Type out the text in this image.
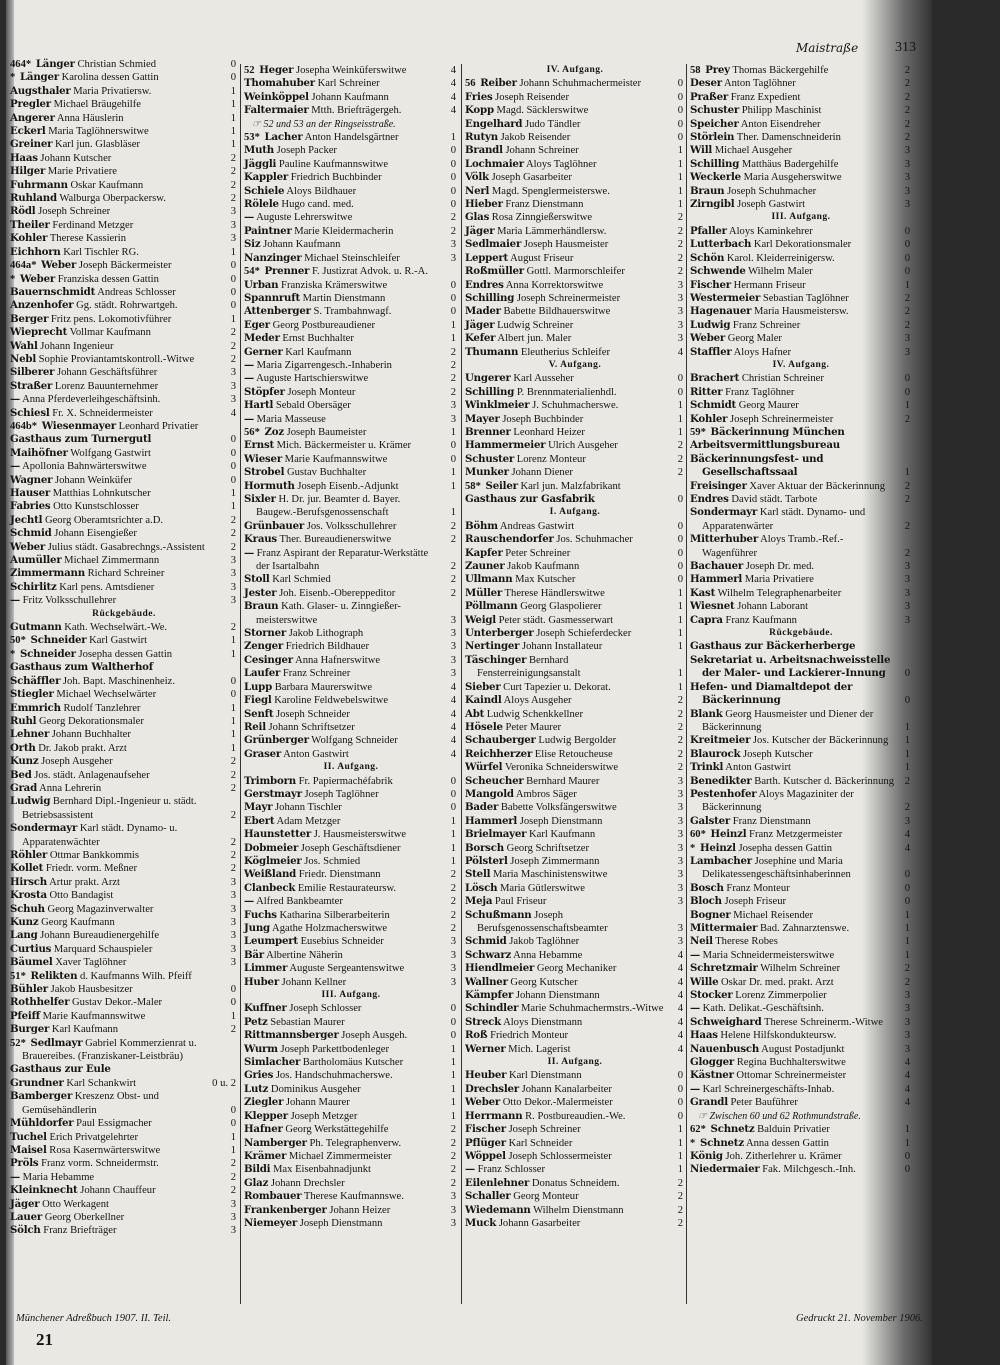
Maistraße	313
464* Länger Christian Schmied	0
* Länger Karolina dessen Gattin	0
Augsthaler Maria Privatiersw.	1
Pregler Michael Bräugehilfe	1
Angerer Anna Häuslerin	1
Eckerl Maria Taglöhnerswitwe	1
Greiner Karl jun. Glasbläser	1
Haas Johann Kutscher	2
Hilger Marie Privatiere	2
Fuhrmann Oskar Kaufmann	2
Ruhland Walburga Oberpackersw.	2
Rödl Joseph Schreiner	3
Theiler Ferdinand Metzger	3
Kohler Therese Kassierin	3
Eichhorn Karl Tischler RG.	1
464a* Weber Joseph Bäckermeister	0
* Weber Franziska dessen Gattin	0
Bauernschmidt Andreas Schlosser	0
Anzenhofer Gg. städt. Rohrwartgeh.	0
Berger Fritz pens. Lokomotivführer	1
Wieprecht Vollmar Kaufmann	2
Wahl Johann Ingenieur	2
Nebl Sophie Proviantamtskontroll.-Witwe	2
Silberer Johann Geschäftsführer	3
Straßer Lorenz Bauunternehmer	3
— Anna Pferdeverleihgeschäftsinh.	3
Schiesl Fr. X. Schneidermeister	4
464b* Wiesenmayer Leonhard Privatier
Gasthaus zum Turnergutl	0
Maihöfner Wolfgang Gastwirt	0
— Apollonia Bahnwärterswitwe	0
Wagner Johann Weinküfer	0
Hauser Matthias Lohnkutscher	1
Fabries Otto Kunstschlosser	1
Jechtl Georg Oberamtsrichter a.D.	2
Schmid Johann Eisengießer	2
Weber Julius städt. Gasabrechngs.-Assistent 2
Aumüller Michael Zimmermann	3
Zimmermann Richard Schreiner	3
Schirlitz Karl pens. Amtsdiener	3
— Fritz Volksschullehrer	3
Rückgebäude.
Gutmann Kath. Wechselwärt.-We.	2
50* Schneider Karl Gastwirt	1
* Schneider Josepha dessen Gattin	1
Gasthaus zum Waltherhof
Schäffler Joh. Bapt. Maschinenheiz.	0
Stiegler Michael Wechselwärter	0
Emmrich Rudolf Tanzlehrer	1
Ruhl Georg Dekorationsmaler	1
Lehner Johann Buchhalter	1
Orth Dr. Jakob prakt. Arzt	1
Kunz Joseph Ausgeher	2
Bed Jos. städt. Anlagenaufseher	2
Grad Anna Lehrerin	2
Ludwig Bernhard Dipl.-Ingenieur u. städt. Betriebsassistent	2
Sondermayr Karl städt. Dynamo- u. Apparatenwächter	2
Röhler Ottmar Bankkommis	2
Kollet Friedr. vorm. Meßner	2
Hirsch Artur prakt. Arzt	3
Krosta Otto Bandagist	3
Schuh Georg Magazinverwalter	3
Kunz Georg Kaufmann	3
Lang Johann Bureaudienergehilfe	3
Curtius Marquard Schauspieler	3
Bäumel Xaver Taglöhner	3
51* Relikten d. Kaufmanns Wilh. Pfeiff
Bühler Jakob Hausbesitzer	0
Rothhelfer Gustav Dekor.-Maler	0
Pfeiff Marie Kaufmannswitwe	1
Burger Karl Kaufmann	2
52* Sedlmayr Gabriel Kommerzienrat u. Brauereibes. (Franziskaner-Leistbräu)
Gasthaus zur Eule
Grundner Karl Schankwirt	0 u. 2
Bamberger Kreszenz Obst- und Gemüsehändlerin	0
Mühldorfer Paul Essigmacher	0
Tuchel Erich Privatgelehrter	1
Maisel Rosa Kasernwärterswitwe	1
Pröls Franz vorm. Schneidermstr.	2
— Maria Hebamme	2
Kleinknecht Johann Chauffeur	2
Jäger Otto Werkagent	3
Lauer Georg Oberkellner	3
Sölch Franz Briefträger	3
52 Heger Josepha Weinküferswitwe	4
Thomahuber Karl Schreiner	4
Weinköppel Johann Kaufmann	4
Faltermaier Mtth. Briefträgergeh.	4
☞ 52 und 53 an der Ringseisstraße.
53* Lacher Anton Handelsgärtner	1
Muth Joseph Packer	0
Jäggli Pauline Kaufmannswitwe	0
Kappler Friedrich Buchbinder	0
Schiele Aloys Bildhauer	0
Rölele Hugo cand. med.	0
— Auguste Lehrerswitwe	2
Paintner Marie Kleidermacherin	2
Siz Johann Kaufmann	3
Nanzinger Michael Steinschleifer	3
54* Prenner F. Justizrat Advok. u. R.-A.
Urban Franziska Krämerswitwe	0
Spannruft Martin Dienstmann	0
Attenberger S. Trambahnwagf.	0
Eger Georg Postbureaudiener	1
Meder Ernst Buchhalter	1
Gerner Karl Kaufmann	2
— Maria Zigarrengesch.-Inhaberin	2
— Auguste Hartschierswitwe	2
Stöpfer Joseph Monteur	2
Hartl Sebald Obersäger	3
— Maria Masseuse	3
56* Zoz Joseph Baumeister	1
Ernst Mich. Bäckermeister u. Krämer	0
Wieser Marie Kaufmannswitwe	0
Strobel Gustav Buchhalter	1
Hormuth Joseph Eisenb.-Adjunkt	1
Sixler H. Dr. jur. Beamter d. Bayer. Baugew.-Berufsgenossenschaft	1
Grünbauer Jos. Volksschullehrer	2
Kraus Ther. Bureaudienerswitwe	2
— Franz Aspirant der Reparatur-Werkstätte der Isartalbahn	2
Stoll Karl Schmied	2
Jester Joh. Eisenb.-Obereppeditor	2
Braun Kath. Glaser- u. Zinngießer-meisterswitwe	3
Storner Jakob Lithograph	3
Zenger Friedrich Bildhauer	3
Cesinger Anna Hafnerswitwe	3
Laufer Franz Schreiner	3
Lupp Barbara Maurerswitwe	4
Fiegl Karoline Feldwebelswitwe	4
Senft Joseph Schneider	4
Reil Johann Schriftsetzer	4
Grünberger Wolfgang Schneider	4
Graser Anton Gastwirt	4
II. Aufgang.
Trimborn Fr. Papiermachéfabrik	0
Gerstmayr Joseph Taglöhner	0
Mayr Johann Tischler	0
Ebert Adam Metzger	1
Haunstetter J. Hausmeisterswitwe	1
Dobmeier Joseph Geschäftsdiener	1
Köglmeier Jos. Schmied	1
Weißland Friedr. Dienstmann	2
Clanbeck Emilie Restaurateursw.	2
— Alfred Bankbeamter	2
Fuchs Katharina Silberarbeiterin	2
Jung Agathe Holzmacherswitwe	2
Leumpert Eusebius Schneider	3
Bär Albertine Näherin	3
Limmer Auguste Sergeantenswitwe	3
Huber Johann Kellner	3
III. Aufgang.
Kuffner Joseph Schlosser	0
Petz Sebastian Maurer	0
Rittmannsberger Joseph Ausgeh.	0
Wurm Joseph Parkettbodenleger	1
Simlacher Bartholomäus Kutscher	1
Gries Jos. Handschuhmacherswe.	1
Lutz Dominikus Ausgeher	1
Ziegler Johann Maurer	1
Klepper Joseph Metzger	1
Hafner Georg Werkstättegehilfe	2
Namberger Ph. Telegraphenverw.	2
Krämer Michael Zimmermeister	2
Bildi Max Eisenbahnadjunkt	2
Glaz Johann Drechsler	2
Rombauer Therese Kaufmannswe.	3
Frankenberger Johann Heizer	3
Niemeyer Joseph Dienstmann	3
IV. Aufgang.
56 Reiber Johann Schuhmachermeister	0
Fries Joseph Reisender	0
Kopp Magd. Säcklerswitwe	0
Engelhard Judo Tändler	0
Rutyn Jakob Reisender	0
Brandl Johann Schreiner	1
Lochmaier Aloys Taglöhner	1
Völk Joseph Gasarbeiter	1
Nerl Magd. Spenglermeisterswe.	1
Hieber Franz Dienstmann	1
Glas Rosa Zinngießerswitwe	2
Jäger Maria Lämmerhändlersw.	2
Sedlmaier Joseph Hausmeister	2
Leppert August Friseur	2
Roßmüller Gottl. Marmorschleifer	2
Endres Anna Korrektorswitwe	3
Schilling Joseph Schreinermeister	3
Mader Babette Bildhauerswitwe	3
Jäger Ludwig Schreiner	3
Kefer Albert jun. Maler	3
Thumann Eleutherius Schleifer	4
V. Aufgang.
Ungerer Karl Ausseher	0
Schilling P. Brennmaterialienhdl.	0
Winklmeier J. Schuhmacherswe.	1
Mayer Joseph Buchbinder	1
Brenner Leonhard Heizer	1
Hammermeier Ulrich Ausgeher	2
Schuster Lorenz Monteur	2
Munker Johann Diener	2
58* Seiler Karl jun. Malzfabrikant
Gasthaus zur Gasfabrik	0
I. Aufgang.
Böhm Andreas Gastwirt	0
Rauschendorfer Jos. Schuhmacher	0
Kapfer Peter Schreiner	0
Zauner Jakob Kaufmann	0
Ullmann Max Kutscher	0
Müller Therese Händlerswitwe	1
Pöllmann Georg Glaspolierer	1
Weigl Peter städt. Gasmesserwart	1
Unterberger Joseph Schieferdecker	1
Nertinger Johann Installateur	1
Täschinger Bernhard Fensterreinigungsanstalt	1
Sieber Curt Tapezier u. Dekorat.	1
Kaindl Aloys Ausgeher	2
Abt Ludwig Schenkkellner	2
Hösele Peter Maurer	2
Schauberger Ludwig Bergolder	2
Reichherzer Elise Retoucheuse	2
Würfel Veronika Schneiderswitwe	2
Scheucher Bernhard Maurer	3
Mangold Ambros Säger	3
Bader Babette Volksfängerswitwe	3
Hammerl Joseph Dienstmann	3
Brielmayer Karl Kaufmann	3
Borsch Georg Schriftsetzer	3
Pölsterl Joseph Zimmermann	3
Stell Maria Maschinistenswitwe	3
Lösch Maria Gütlerswitwe	3
Meja Paul Friseur	3
Schußmann Joseph Berufsgenossenschaftsbeamter	3
Schmid Jakob Taglöhner	3
Schwarz Anna Hebamme	4
Hiendlmeier Georg Mechaniker	4
Wallner Georg Kutscher	4
Kämpfer Johann Dienstmann	4
Schindler Marie Schuhmachermstrs.-Witwe 4
Streck Aloys Dienstmann	4
Roß Friedrich Monteur	4
Werner Mich. Lagerist	4
II. Aufgang.
Heuber Karl Dienstmann	0
Drechsler Johann Kanalarbeiter	0
Weber Otto Dekor.-Malermeister	0
Herrmann R. Postbureaudien.-We.	0
Fischer Joseph Schreiner	1
Pflüger Karl Schneider	1
Wöppel Joseph Schlossermeister	1
— Franz Schlosser	1
Eilenlehner Donatus Schneidem.	2
Schaller Georg Monteur	2
Wiedemann Wilhelm Dienstmann	2
Muck Johann Gasarbeiter	2
58 Prey Thomas Bäckergehilfe	2
Deser Anton Taglöhner	2
Praßer Franz Expedient	2
Schuster Philipp Maschinist	2
Speicher Anton Eisendreher	2
Störlein Ther. Damenschneiderin	2
Will Michael Ausgeher	3
Schilling Matthäus Badergehilfe	3
Weckerle Maria Ausgeherswitwe	3
Braun Joseph Schuhmacher	3
Zirngibl Joseph Gastwirt	3
III. Aufgang.
Pfaller Aloys Kaminkehrer	0
Lutterbach Karl Dekorationsmaler	0
Schön Karol. Kleiderreinigersw.	0
Schwende Wilhelm Maler	0
Fischer Hermann Friseur	1
Westermeier Sebastian Taglöhner	2
Hagenauer Maria Hausmeistersw.	2
Ludwig Franz Schreiner	2
Weber Georg Maler	3
Staffler Aloys Hafner	3
IV. Aufgang.
Brachert Christian Schreiner	0
Ritter Franz Taglöhner	0
Schmidt Georg Maurer	1
Kohler Joseph Schreinermeister	2
59* Bäckerinnung München
Arbeitsvermittlungsbureau
Bäckerinnungsfest- und Gesellschaftssaal	1
Freisinger Xaver Aktuar der Bäckerinnung 2
Endres David städt. Tarbote	2
Sondermayr Karl städt. Dynamo- und Apparatenwärter	2
Mitterhuber Aloys Tramb.-Ref.-Wagenführer	2
Bachauer Joseph Dr. med.	3
Hammerl Maria Privatiere	3
Kast Wilhelm Telegraphenarbeiter	3
Wiesnet Johann Laborant	3
Capra Franz Kaufmann	3
Rückgebäude.
Gasthaus zur Bäckerherberge
Sekretariat u. Arbeitsnachweisstelle der Maler- und Lackierer-Innung 0
Hefen- und Diamaltdepot der Bäckerinnung	0
Blank Georg Hausmeister und Diener der Bäckerinnung	1
Kreitmeier Jos. Kutscher der Bäckerinnung 1
Blaurock Joseph Kutscher	1
Trinkl Anton Gastwirt	1
Benedikter Barth. Kutscher d. Bäckerinnung 2
Pestenhofer Aloys Magaziniter der Bäckerinnung	2
Galster Franz Dienstmann	3
60* Heinzl Franz Metzgermeister	4
* Heinzl Josepha dessen Gattin	4
Lambacher Josephine und Maria Delikatessengeschäftsinhaberinnen	0
Bosch Franz Monteur	0
Bloch Joseph Friseur	0
Bogner Michael Reisender	1
Mittermaier Bad. Zahnarztenswe.	1
Neil Therese Robes	1
— Maria Schneidermeisterswitwe	1
Schretzmair Wilhelm Schreiner	2
Wille Oskar Dr. med. prakt. Arzt	2
Stocker Lorenz Zimmerpolier	3
— Kath. Delikat.-Geschäftsinh.	3
Schweighard Therese Schreinerm.-Witwe 3
Haas Helene Hilfskondukteursw.	3
Nauenbusch August Postadjunkt	3
Glogger Regina Buchhalterswitwe	4
Kästner Ottomar Schreinermeister	4
— Karl Schreinergeschäfts-Inhab.	4
Grandl Peter Bauführer	4
☞ Zwischen 60 und 62 Rothmundstraße.
62* Schnetz Balduin Privatier	1
* Schnetz Anna dessen Gattin	1
König Joh. Zitherlehrer u. Krämer	0
Niedermaier Fak. Milchgesch.-Inh.	0
Münchener Adreßbuch 1907. II. Teil.
21
Gedruckt 21. November 1906.
